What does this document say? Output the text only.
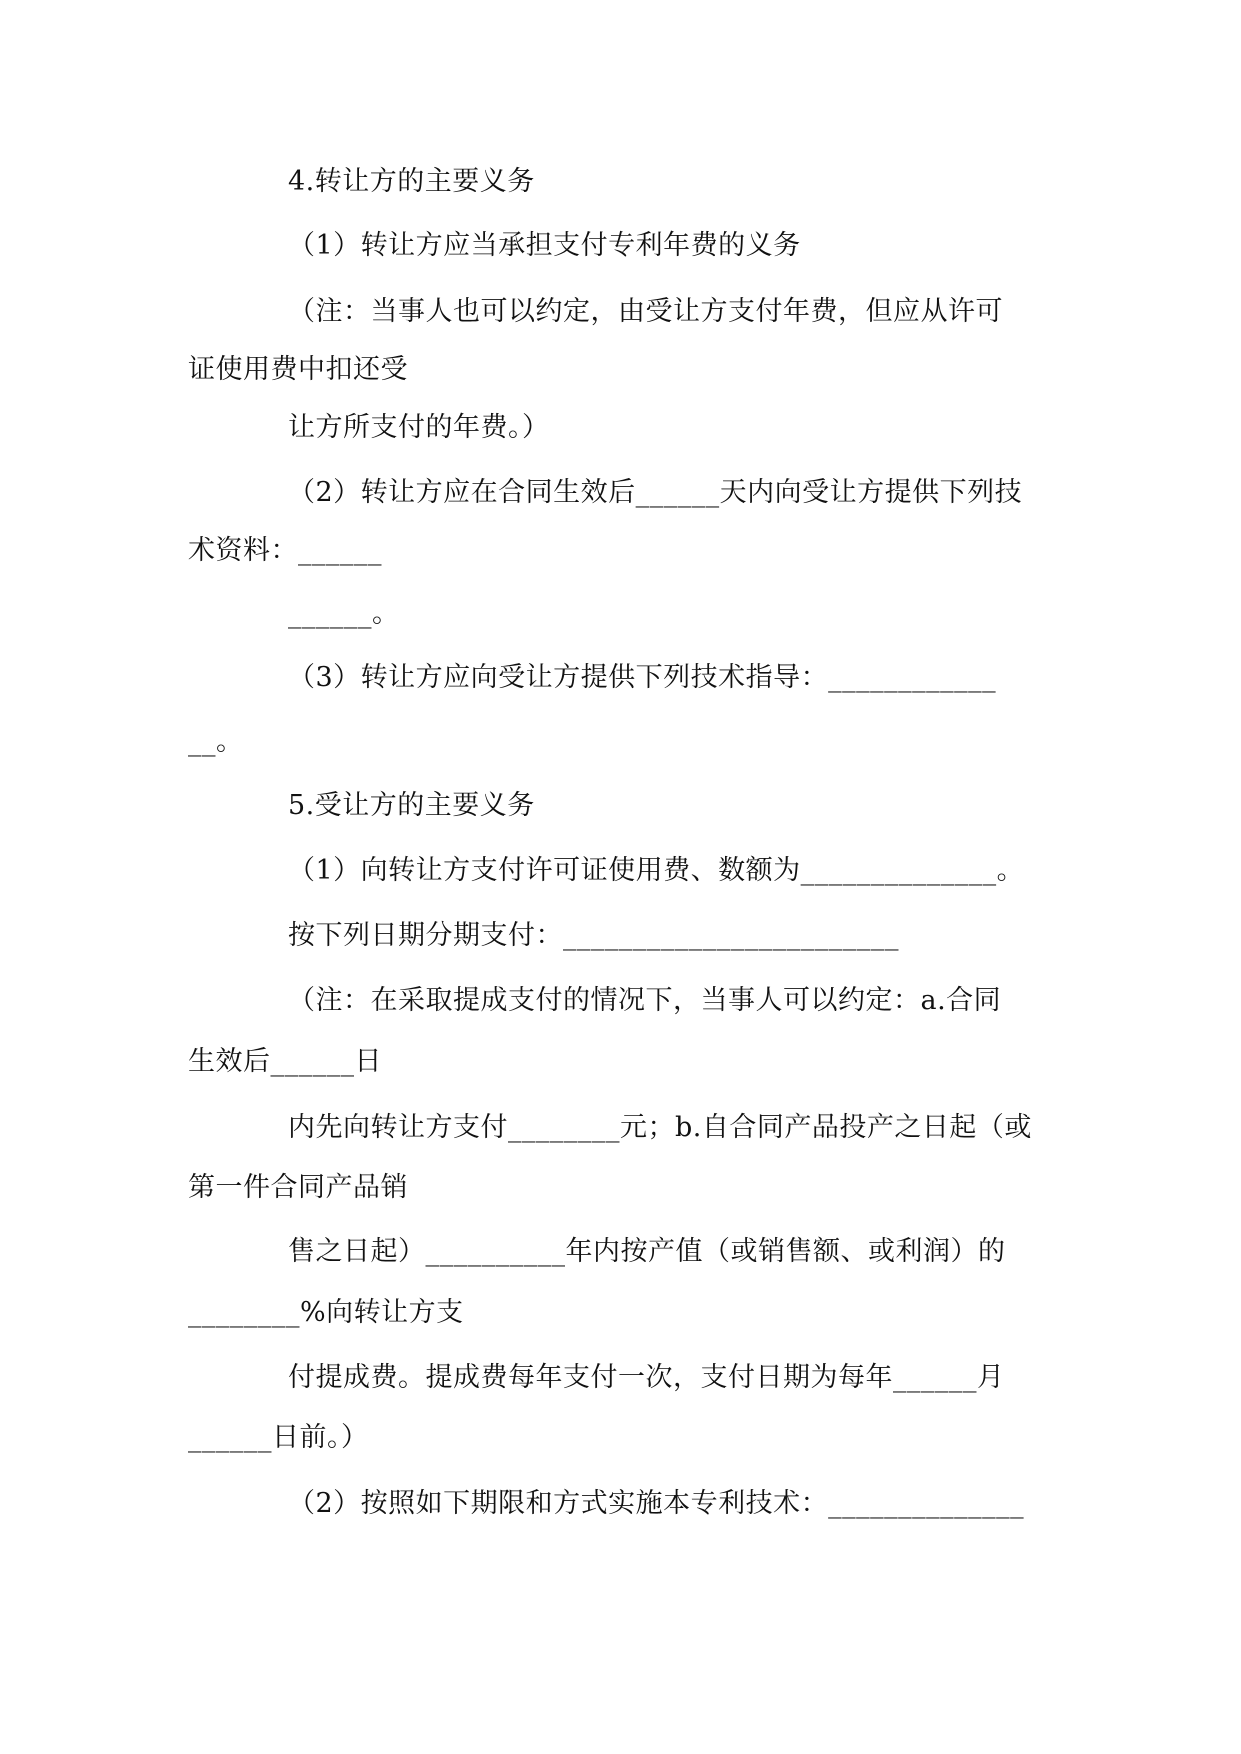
4.转让方的主要义务
（1）转让方应当承担支付专利年费的义务
（注：当事人也可以约定，由受让方支付年费，但应从许可
证使用费中扣还受
让方所支付的年费。）
（2）转让方应在合同生效后______天内向受让方提供下列技
术资料：______
______。
（3）转让方应向受让方提供下列技术指导：____________
__。
5.受让方的主要义务
（1）向转让方支付许可证使用费、数额为______________。
按下列日期分期支付：________________________
（注：在采取提成支付的情况下，当事人可以约定：a.合同
生效后______日
内先向转让方支付________元；b.自合同产品投产之日起（或
第一件合同产品销
售之日起）__________年内按产值（或销售额、或利润）的
________%向转让方支
付提成费。提成费每年支付一次，支付日期为每年______月
______日前。）
（2）按照如下期限和方式实施本专利技术：______________
